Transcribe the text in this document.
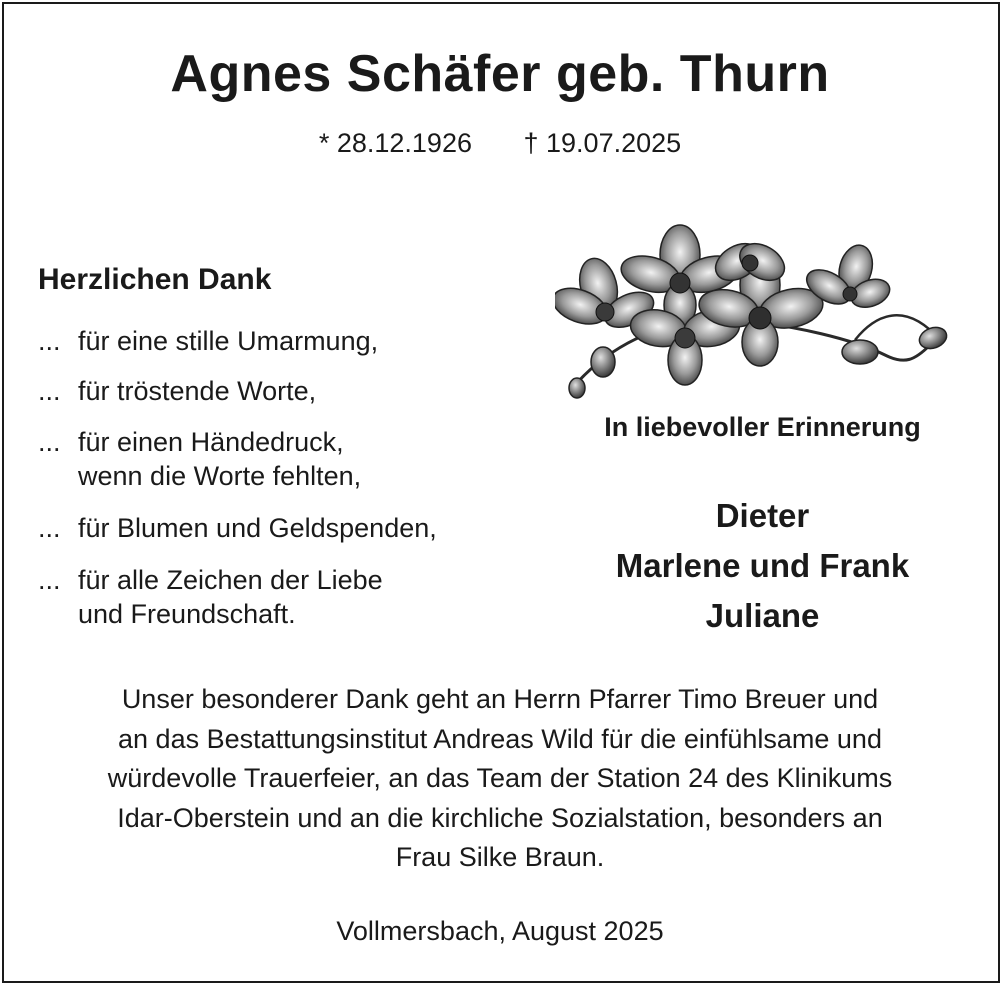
Agnes Schäfer geb. Thurn
* 28.12.1926 † 19.07.2025
Herzlichen Dank
... für eine stille Umarmung,
... für tröstende Worte,
... für einen Händedruck,
wenn die Worte fehlten,
... für Blumen und Geldspenden,
... für alle Zeichen der Liebe
und Freundschaft.
In liebevoller Erinnerung
Dieter
Marlene und Frank
Juliane
Unser besonderer Dank geht an Herrn Pfarrer Timo Breuer und
an das Bestattungsinstitut Andreas Wild für die einfühlsame und
würdevolle Trauerfeier, an das Team der Station 24 des Klinikums
Idar-Oberstein und an die kirchliche Sozialstation, besonders an
Frau Silke Braun.
Vollmersbach, August 2025
